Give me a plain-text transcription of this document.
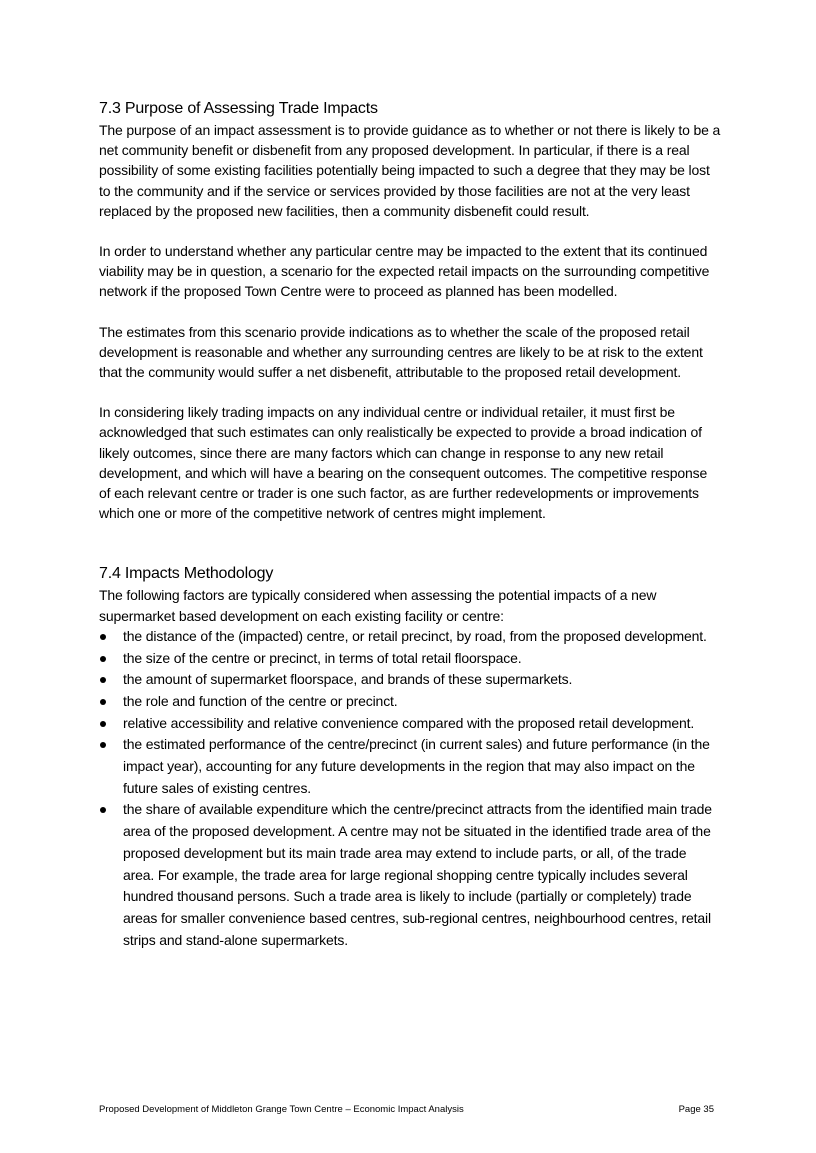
7.3 Purpose of Assessing Trade Impacts

The purpose of an impact assessment is to provide guidance as to whether or not there is likely to be a net community benefit or disbenefit from any proposed development. In particular, if there is a real possibility of some existing facilities potentially being impacted to such a degree that they may be lost to the community and if the service or services provided by those facilities are not at the very least replaced by the proposed new facilities, then a community disbenefit could result.

In order to understand whether any particular centre may be impacted to the extent that its continued viability may be in question, a scenario for the expected retail impacts on the surrounding competitive network if the proposed Town Centre were to proceed as planned has been modelled.

The estimates from this scenario provide indications as to whether the scale of the proposed retail development is reasonable and whether any surrounding centres are likely to be at risk to the extent that the community would suffer a net disbenefit, attributable to the proposed retail development.

In considering likely trading impacts on any individual centre or individual retailer, it must first be acknowledged that such estimates can only realistically be expected to provide a broad indication of likely outcomes, since there are many factors which can change in response to any new retail development, and which will have a bearing on the consequent outcomes. The competitive response of each relevant centre or trader is one such factor, as are further redevelopments or improvements which one or more of the competitive network of centres might implement.

7.4 Impacts Methodology

The following factors are typically considered when assessing the potential impacts of a new supermarket based development on each existing facility or centre:

the distance of the (impacted) centre, or retail precinct, by road, from the proposed development.
the size of the centre or precinct, in terms of total retail floorspace.
the amount of supermarket floorspace, and brands of these supermarkets.
the role and function of the centre or precinct.
relative accessibility and relative convenience compared with the proposed retail development.
the estimated performance of the centre/precinct (in current sales) and future performance (in the impact year), accounting for any future developments in the region that may also impact on the future sales of existing centres.
the share of available expenditure which the centre/precinct attracts from the identified main trade area of the proposed development. A centre may not be situated in the identified trade area of the proposed development but its main trade area may extend to include parts, or all, of the trade area. For example, the trade area for large regional shopping centre typically includes several hundred thousand persons. Such a trade area is likely to include (partially or completely) trade areas for smaller convenience based centres, sub-regional centres, neighbourhood centres, retail strips and stand-alone supermarkets.
Proposed Development of Middleton Grange Town Centre – Economic Impact Analysis	Page 35
